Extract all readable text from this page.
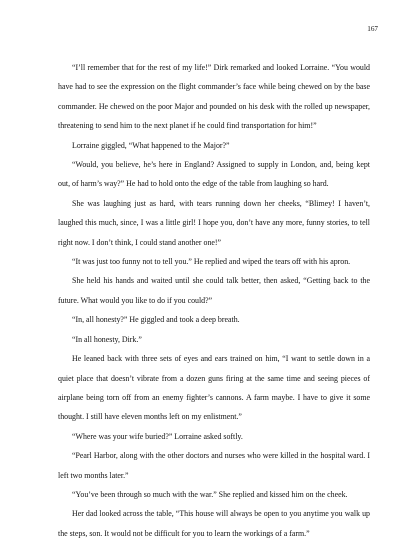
167

“I’ll remember that for the rest of my life!” Dirk remarked and looked Lorraine. “You would have had to see the expression on the flight commander’s face while being chewed on by the base commander. He chewed on the poor Major and pounded on his desk with the rolled up newspaper, threatening to send him to the next planet if he could find transportation for him!”

Lorraine giggled, “What happened to the Major?”

“Would, you believe, he’s here in England? Assigned to supply in London, and, being kept out, of harm’s way?” He had to hold onto the edge of the table from laughing so hard.

She was laughing just as hard, with tears running down her cheeks, “Blimey! I haven’t, laughed this much, since, I was a little girl! I hope you, don’t have any more, funny stories, to tell right now. I don’t think, I could stand another one!”

“It was just too funny not to tell you.” He replied and wiped the tears off with his apron.

She held his hands and waited until she could talk better, then asked, “Getting back to the future. What would you like to do if you could?”

“In, all honesty?” He giggled and took a deep breath.

“In all honesty, Dirk.”

He leaned back with three sets of eyes and ears trained on him, “I want to settle down in a quiet place that doesn’t vibrate from a dozen guns firing at the same time and seeing pieces of airplane being torn off from an enemy fighter’s cannons. A farm maybe. I have to give it some thought. I still have eleven months left on my enlistment.”

“Where was your wife buried?” Lorraine asked softly.

“Pearl Harbor, along with the other doctors and nurses who were killed in the hospital ward. I left two months later.”

“You’ve been through so much with the war.” She replied and kissed him on the cheek.

Her dad looked across the table, “This house will always be open to you anytime you walk up the steps, son. It would not be difficult for you to learn the workings of a farm.”
